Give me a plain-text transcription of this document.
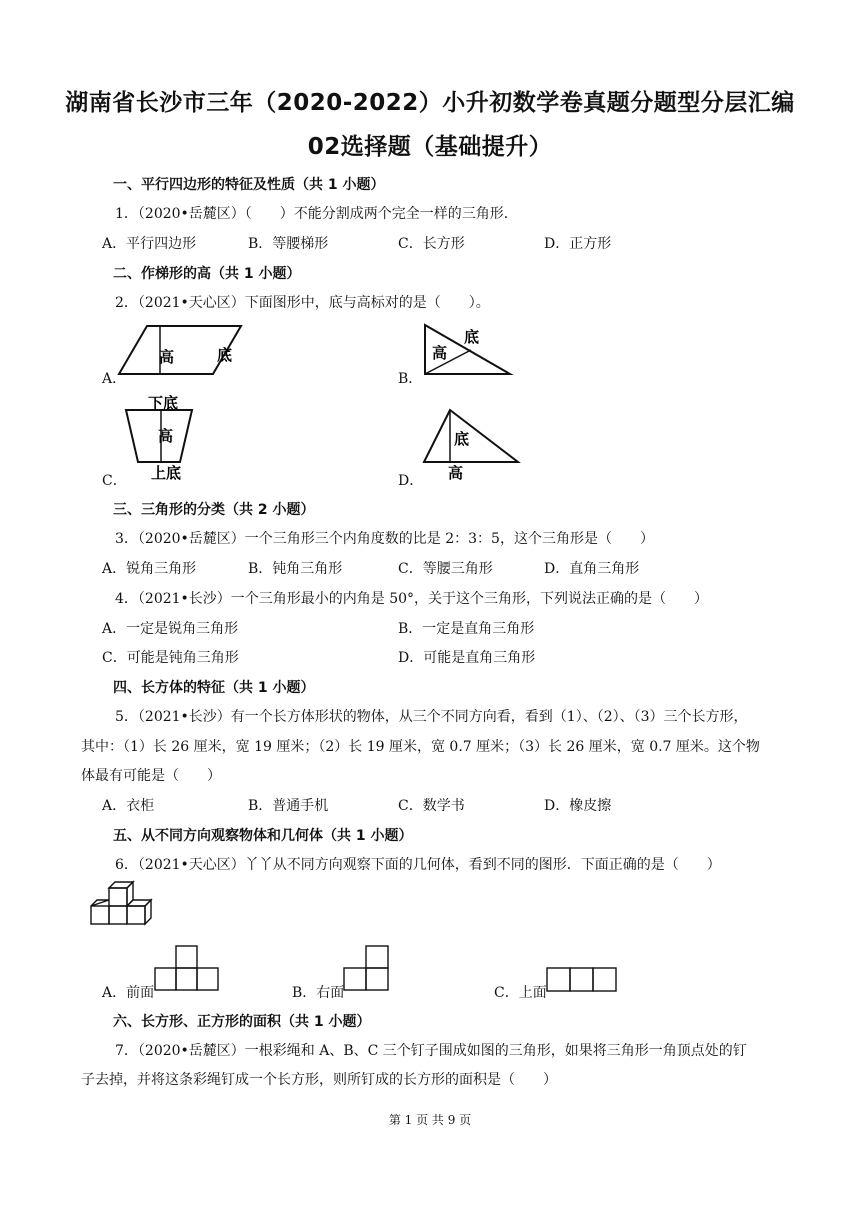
湖南省长沙市三年（2020-2022）小升初数学卷真题分题型分层汇编
02选择题（基础提升）
一、平行四边形的特征及性质（共 1 小题）
1．（2020•岳麓区）（　　）不能分割成两个完全一样的三角形．
A．平行四边形	B．等腰梯形	C．长方形	D．正方形
二、作梯形的高（共 1 小题）
2．（2021•天心区）下面图形中，底与高标对的是（　　）。
A．
高	底
B．
高
底
C．
下底
高
上底	D．
底
高
三、三角形的分类（共 2 小题）
3．（2020•岳麓区）一个三角形三个内角度数的比是 2：3：5，这个三角形是（　　）
A．锐角三角形	B．钝角三角形	C．等腰三角形	D．直角三角形
4．（2021•长沙）一个三角形最小的内角是 50°，关于这个三角形，下列说法正确的是（　　）
A．一定是锐角三角形	B．一定是直角三角形
C．可能是钝角三角形	D．可能是直角三角形
四、长方体的特征（共 1 小题）
5．（2021•长沙）有一个长方体形状的物体，从三个不同方向看，看到（1）、（2）、（3）三个长方形，
其中：（1）长 26 厘米，宽 19 厘米；（2）长 19 厘米，宽 0.7 厘米；（3）长 26 厘米，宽 0.7 厘米。这个物
体最有可能是（　　）
A．衣柜	B．普通手机	C．数学书	D．橡皮擦
五、从不同方向观察物体和几何体（共 1 小题）
6．（2021•天心区）丫丫从不同方向观察下面的几何体，看到不同的图形．下面正确的是（　　）
A．前面	B．右面	C．上面
六、长方形、正方形的面积（共 1 小题）
7．（2020•岳麓区）一根彩绳和 A、B、C 三个钉子围成如图的三角形，如果将三角形一角顶点处的钉
子去掉，并将这条彩绳钉成一个长方形，则所钉成的长方形的面积是（　　）
第 1 页 共 9 页
